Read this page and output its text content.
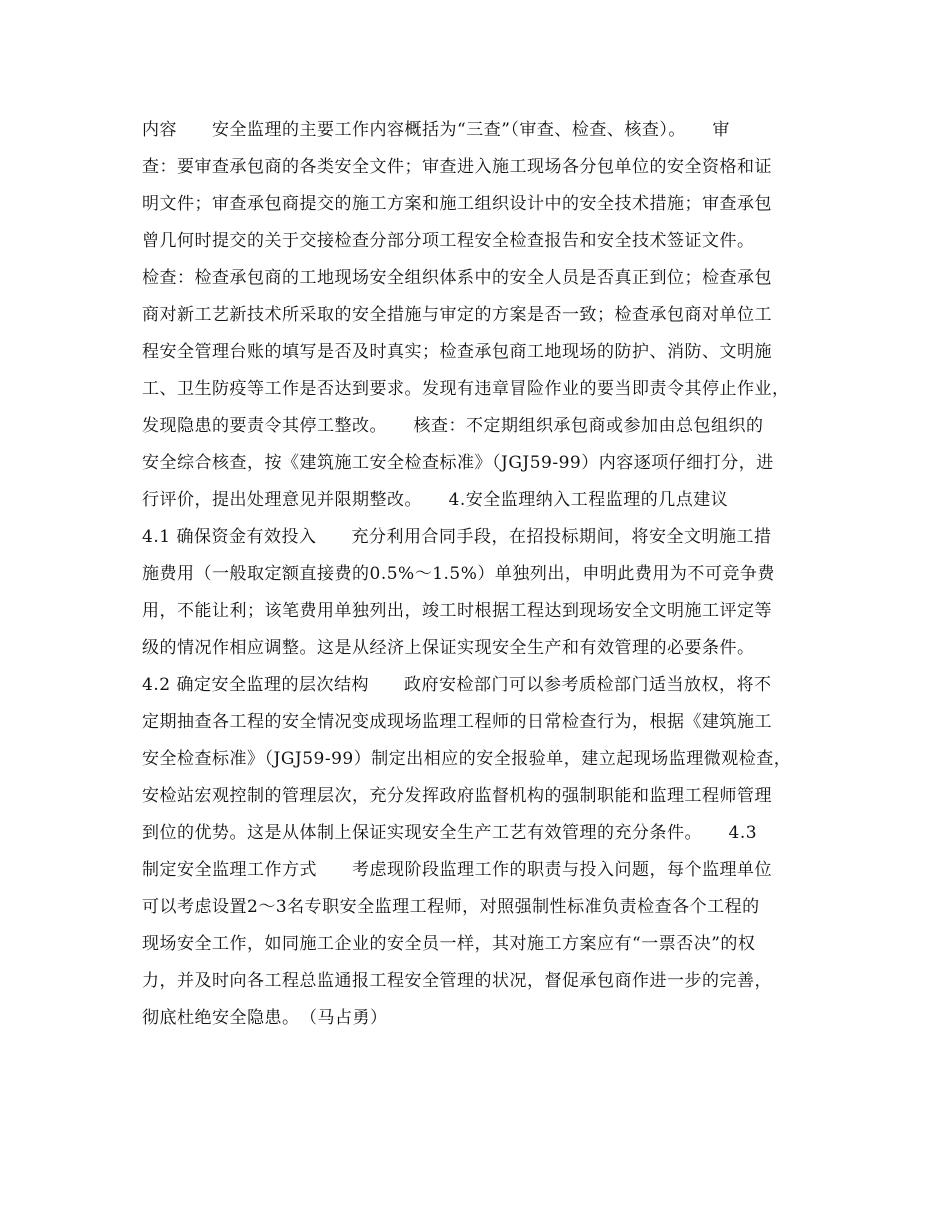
内容　　安全监理的主要工作内容概括为“三查”（审查、检查、核查）。　　审
查：要审查承包商的各类安全文件；审查进入施工现场各分包单位的安全资格和证
明文件；审查承包商提交的施工方案和施工组织设计中的安全技术措施；审查承包
曾几何时提交的关于交接检查分部分项工程安全检查报告和安全技术签证文件。
检查：检查承包商的工地现场安全组织体系中的安全人员是否真正到位；检查承包
商对新工艺新技术所采取的安全措施与审定的方案是否一致；检查承包商对单位工
程安全管理台账的填写是否及时真实；检查承包商工地现场的防护、消防、文明施
工、卫生防疫等工作是否达到要求。发现有违章冒险作业的要当即责令其停止作业，
发现隐患的要责令其停工整改。　　核查：不定期组织承包商或参加由总包组织的
安全综合核查，按《建筑施工安全检查标准》（JGJ59-99）内容逐项仔细打分，进
行评价，提出处理意见并限期整改。　　4.安全监理纳入工程监理的几点建议
4.1 确保资金有效投入　　充分利用合同手段，在招投标期间，将安全文明施工措
施费用（一般取定额直接费的0.5%～1.5%）单独列出，申明此费用为不可竞争费
用，不能让利；该笔费用单独列出，竣工时根据工程达到现场安全文明施工评定等
级的情况作相应调整。这是从经济上保证实现安全生产和有效管理的必要条件。
4.2 确定安全监理的层次结构　　政府安检部门可以参考质检部门适当放权，将不
定期抽查各工程的安全情况变成现场监理工程师的日常检查行为，根据《建筑施工
安全检查标准》（JGJ59-99）制定出相应的安全报验单，建立起现场监理微观检查，
安检站宏观控制的管理层次，充分发挥政府监督机构的强制职能和监理工程师管理
到位的优势。这是从体制上保证实现安全生产工艺有效管理的充分条件。　　4.3
制定安全监理工作方式　　考虑现阶段监理工作的职责与投入问题，每个监理单位
可以考虑设置2～3名专职安全监理工程师，对照强制性标准负责检查各个工程的
现场安全工作，如同施工企业的安全员一样，其对施工方案应有“一票否决”的权
力，并及时向各工程总监通报工程安全管理的状况，督促承包商作进一步的完善，
彻底杜绝安全隐患。　（马占勇）
